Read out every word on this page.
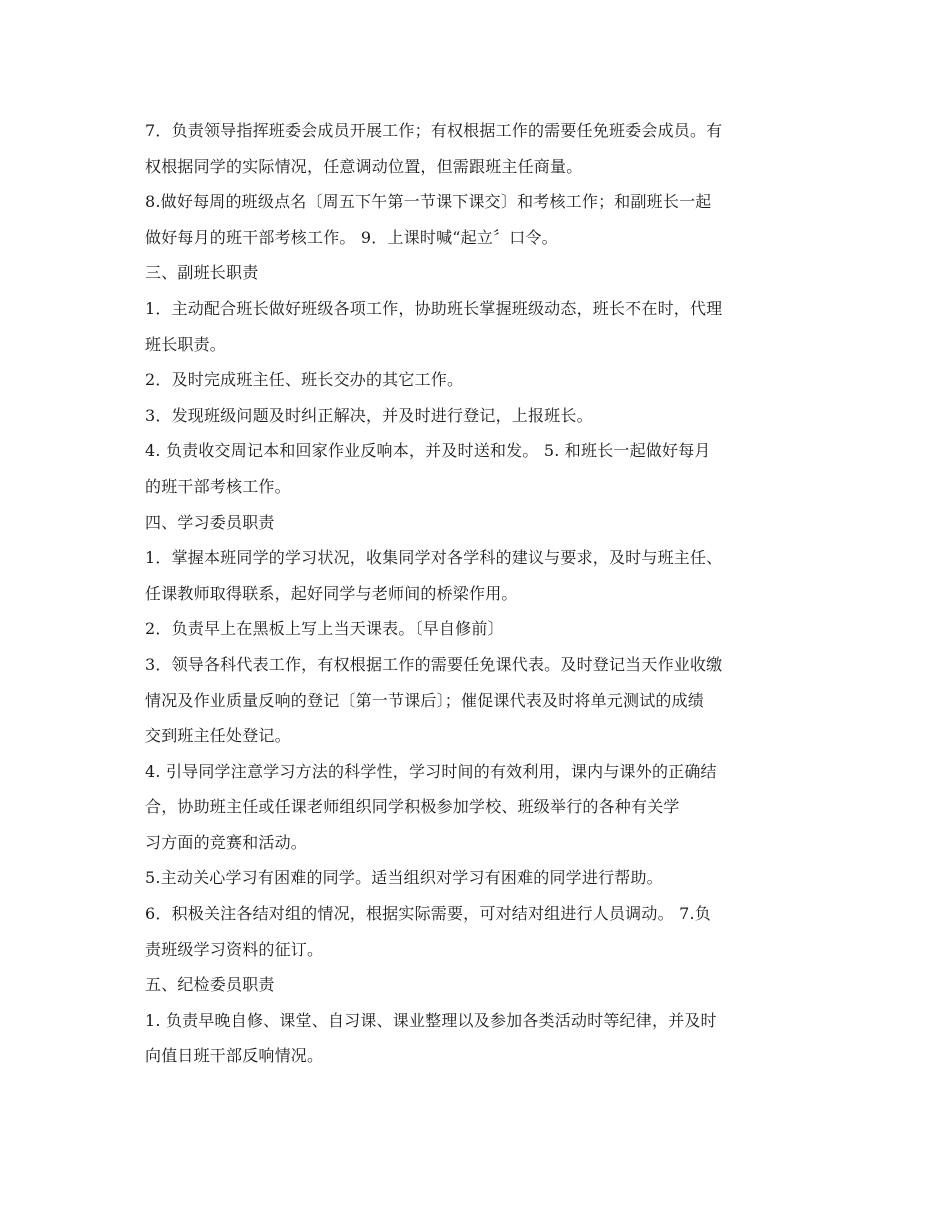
7．负责领导指挥班委会成员开展工作；有权根据工作的需要任免班委会成员。有

权根据同学的实际情况，任意调动位置，但需跟班主任商量。

8.做好每周的班级点名〔周五下午第一节课下课交〕和考核工作；和副班长一起

做好每月的班干部考核工作。 9．上课时喊“起立〞口令。

三、副班长职责

1．主动配合班长做好班级各项工作，协助班长掌握班级动态，班长不在时，代理

班长职责。

2．及时完成班主任、班长交办的其它工作。

3．发现班级问题及时纠正解决，并及时进行登记，上报班长。

4. 负责收交周记本和回家作业反响本，并及时送和发。 5. 和班长一起做好每月

的班干部考核工作。

四、学习委员职责

1．掌握本班同学的学习状况，收集同学对各学科的建议与要求，及时与班主任、

任课教师取得联系，起好同学与老师间的桥梁作用。

2．负责早上在黑板上写上当天课表。〔早自修前〕

3．领导各科代表工作，有权根据工作的需要任免课代表。及时登记当天作业收缴

情况及作业质量反响的登记〔第一节课后〕；催促课代表及时将单元测试的成绩

交到班主任处登记。

4. 引导同学注意学习方法的科学性，学习时间的有效利用，课内与课外的正确结

合，协助班主任或任课老师组织同学积极参加学校、班级举行的各种有关学

习方面的竞赛和活动。

5.主动关心学习有困难的同学。适当组织对学习有困难的同学进行帮助。

6．积极关注各结对组的情况，根据实际需要，可对结对组进行人员调动。 7.负

责班级学习资料的征订。

五、纪检委员职责

1. 负责早晚自修、课堂、自习课、课业整理以及参加各类活动时等纪律，并及时

向值日班干部反响情况。
